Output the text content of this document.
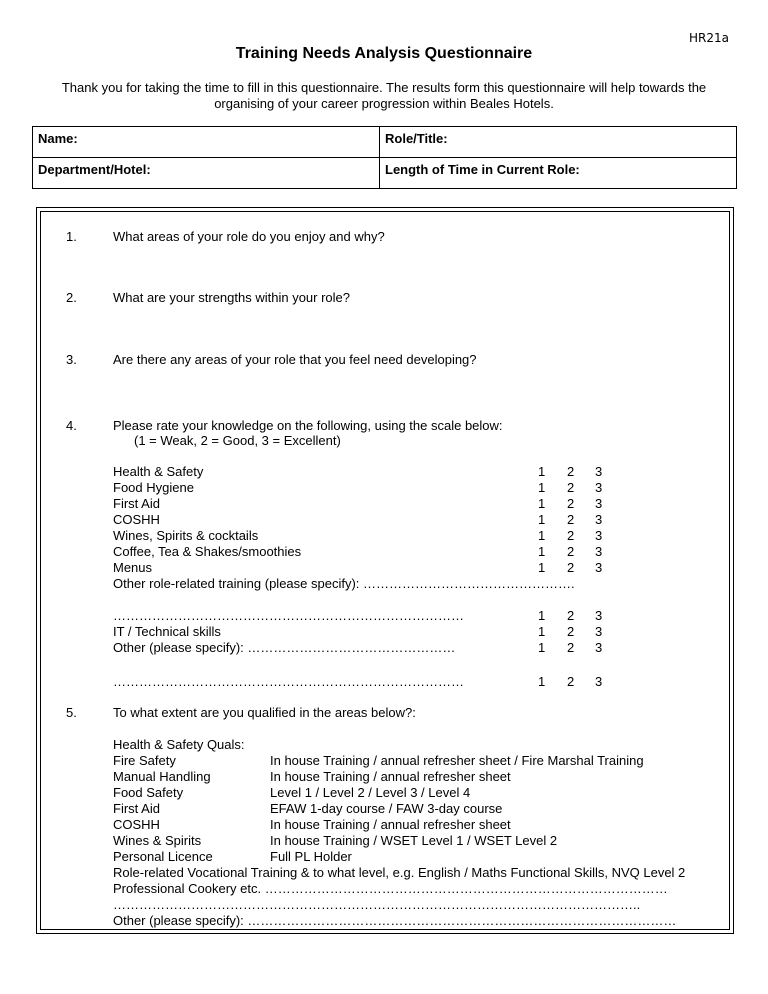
HR21a
Training Needs Analysis Questionnaire
Thank you for taking the time to fill in this questionnaire. The results form this questionnaire will help towards the organising of your career progression within Beales Hotels.
Name:	Role/Title:
Department/Hotel:	Length of Time in Current Role:
1.	What areas of your role do you enjoy and why?
2.	What are your strengths within your role?
3.	Are there any areas of your role that you feel need developing?
4.	Please rate your knowledge on the following, using the scale below:
(1 = Weak, 2 = Good, 3 = Excellent)
Health & Safety	1 2 3
Food Hygiene	1 2 3
First Aid	1 2 3
COSHH	1 2 3
Wines, Spirits & cocktails	1 2 3
Coffee, Tea & Shakes/smoothies	1 2 3
Menus	1 2 3
Other role-related training (please specify): ………………………………………….
………………………………………………………………………	1 2 3
IT / Technical skills	1 2 3
Other (please specify): …………………………………………	1 2 3
………………………………………………………………………	1 2 3
5.	To what extent are you qualified in the areas below?:
Health & Safety Quals:
Fire Safety	In house Training / annual refresher sheet / Fire Marshal Training
Manual Handling	In house Training / annual refresher sheet
Food Safety	Level 1 / Level 2 / Level 3 / Level 4
First Aid	EFAW 1-day course / FAW 3-day course
COSHH	In house Training / annual refresher sheet
Wines & Spirits	In house Training / WSET Level 1 / WSET Level 2
Personal Licence	Full PL Holder
Role-related Vocational Training & to what level, e.g. English / Maths Functional Skills, NVQ Level 2
Professional Cookery etc. …………………………………………………………………………………
…………………………………………………………………………………………………………..
Other (please specify): ………………………………………………………………………………………
